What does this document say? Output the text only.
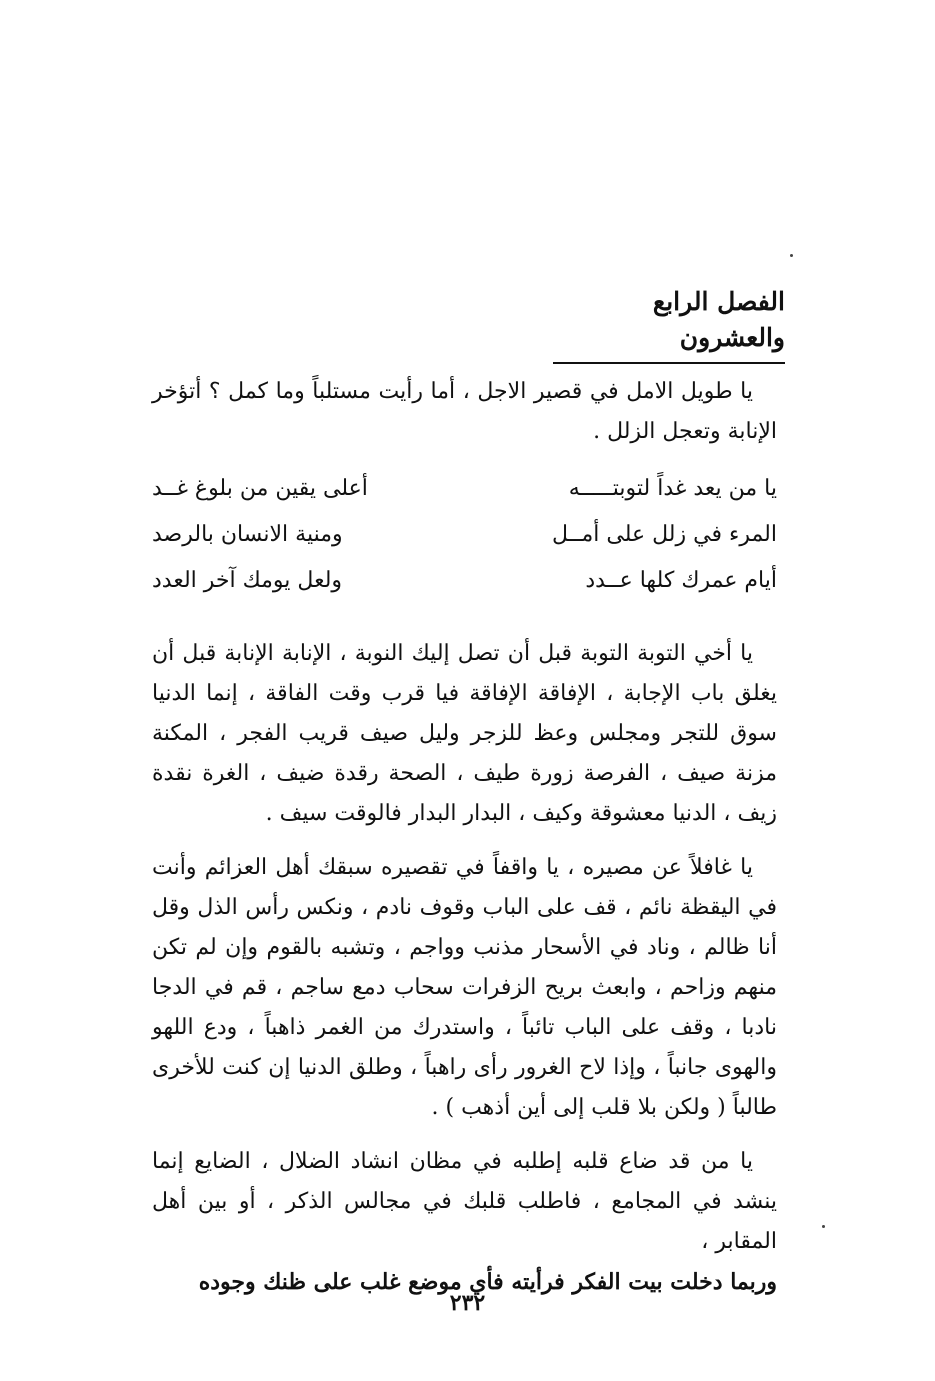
الفصل الرابع والعشرون

يا طويل الامل في قصير الاجل ، أما رأيت مستلباً وما كمل ؟ أتؤخر الإنابة وتعجل الزلل .

يا من يعد غداً لتوبتـــــه
أعلى يقين من بلوغ غــد
المرء في زلل على أمــل
ومنية الانسان بالرصد
أيام عمرك كلها عــدد
ولعل يومك آخر العدد

يا أخي التوبة التوبة قبل أن تصل إليك النوبة ، الإنابة الإنابة قبل أن يغلق باب الإجابة ، الإفاقة الإفاقة فيا قرب وقت الفاقة ، إنما الدنيا سوق للتجر ومجلس وعظ للزجر وليل صيف قريب الفجر ، المكنة مزنة صيف ، الفرصة زورة طيف ، الصحة رقدة ضيف ، الغرة نقدة زيف ، الدنيا معشوقة وكيف ، البدار البدار فالوقت سيف .

يا غافلاً عن مصيره ، يا واقفاً في تقصيره سبقك أهل العزائم وأنت في اليقظة نائم ، قف على الباب وقوف نادم ، ونكس رأس الذل وقل أنا ظالم ، وناد في الأسحار مذنب وواجم ، وتشبه بالقوم وإن لم تكن منهم وزاحم ، وابعث بريح الزفرات سحاب دمع ساجم ، قم في الدجا نادبا ، وقف على الباب تائباً ، واستدرك من الغمر ذاهباً ، ودع اللهو والهوى جانباً ، وإذا لاح الغرور رأى راهباً ، وطلق الدنيا إن كنت للأخرى طالباً ( ولكن بلا قلب إلى أين أذهب ) .

يا من قد ضاع قلبه إطلبه في مظان انشاد الضلال ، الضايع إنما ينشد في المجامع ، فاطلب قلبك في مجالس الذكر ، أو بين أهل المقابر ،

وربما دخلت بيت الفكر فرأيته فأي موضع غلب على ظنك وجوده
٢٣٢
